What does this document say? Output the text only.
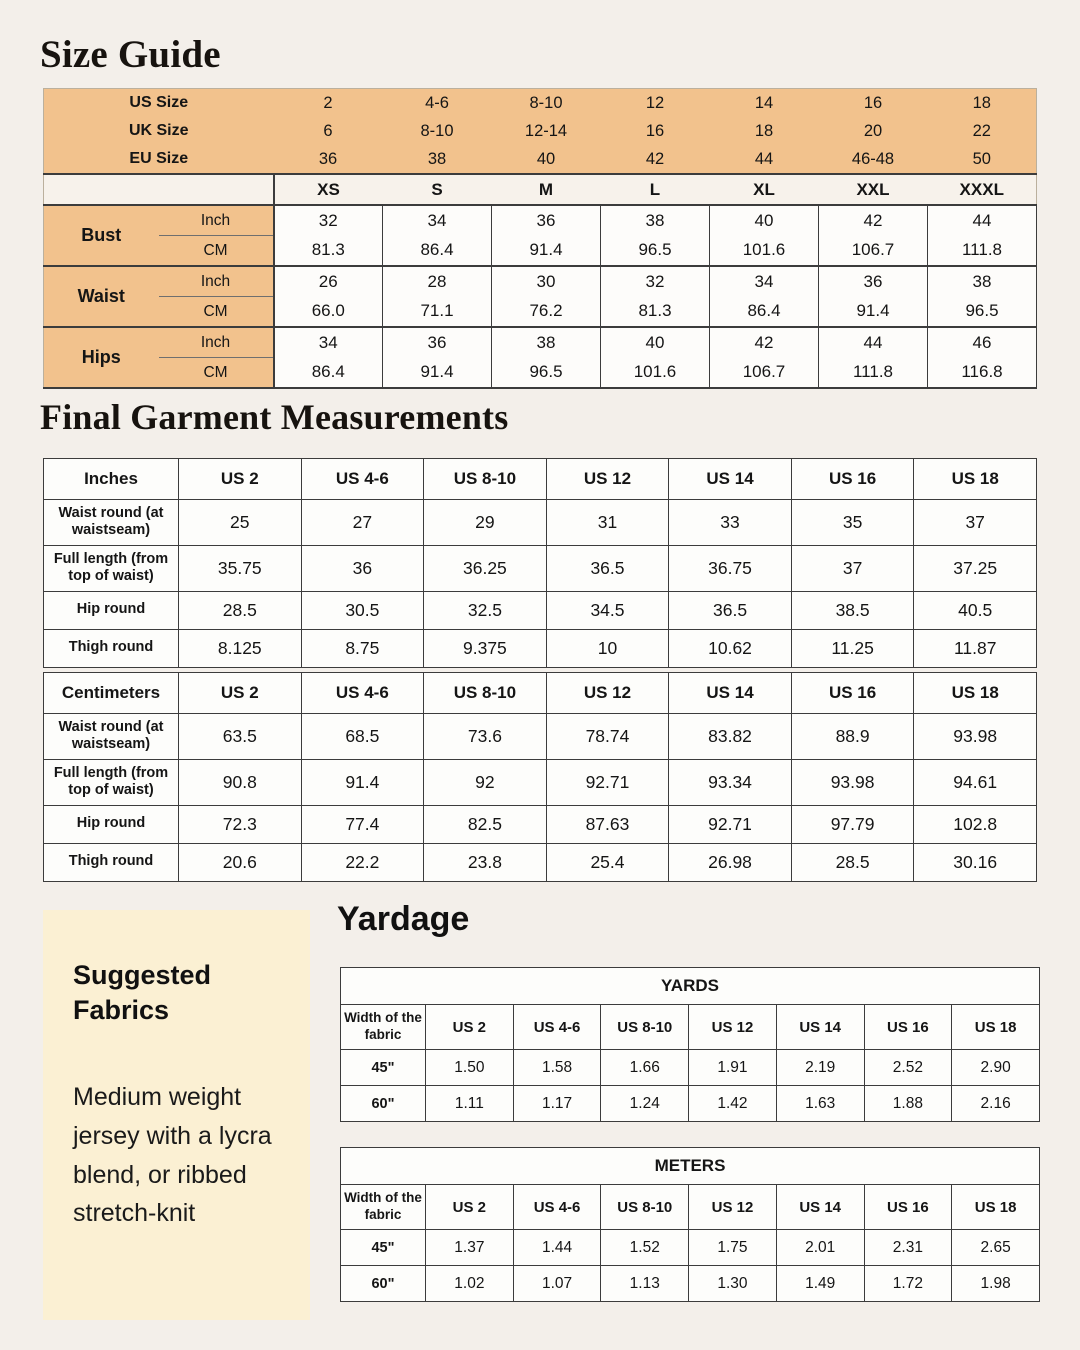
Size Guide
US Size		2	4-6	8-10	12	14	16	18
UK Size		6	8-10	12-14	16	18	20	22
EU Size		36	38	40	42	44	46-48	50
		XS	S	M	L	XL	XXL	XXXL
Bust	Inch	32	34	36	38	40	42	44
	CM	81.3	86.4	91.4	96.5	101.6	106.7	111.8
Waist	Inch	26	28	30	32	34	36	38
	CM	66.0	71.1	76.2	81.3	86.4	91.4	96.5
Hips	Inch	34	36	38	40	42	44	46
	CM	86.4	91.4	96.5	101.6	106.7	111.8	116.8
Final Garment Measurements
Inches	US 2	US 4-6	US 8-10	US 12	US 14	US 16	US 18
Waist round (at waistseam)	25	27	29	31	33	35	37
Full length (from top of waist)	35.75	36	36.25	36.5	36.75	37	37.25
Hip round	28.5	30.5	32.5	34.5	36.5	38.5	40.5
Thigh round	8.125	8.75	9.375	10	10.62	11.25	11.87
Centimeters	US 2	US 4-6	US 8-10	US 12	US 14	US 16	US 18
Waist round (at waistseam)	63.5	68.5	73.6	78.74	83.82	88.9	93.98
Full length (from top of waist)	90.8	91.4	92	92.71	93.34	93.98	94.61
Hip round	72.3	77.4	82.5	87.63	92.71	97.79	102.8
Thigh round	20.6	22.2	23.8	25.4	26.98	28.5	30.16
Suggested Fabrics
Medium weight jersey with a lycra blend, or ribbed stretch-knit
Yardage
YARDS							
Width of the fabric	US 2	US 4-6	US 8-10	US 12	US 14	US 16	US 18
45"	1.50	1.58	1.66	1.91	2.19	2.52	2.90
60"	1.11	1.17	1.24	1.42	1.63	1.88	2.16
METERS							
Width of the fabric	US 2	US 4-6	US 8-10	US 12	US 14	US 16	US 18
45"	1.37	1.44	1.52	1.75	2.01	2.31	2.65
60"	1.02	1.07	1.13	1.30	1.49	1.72	1.98
